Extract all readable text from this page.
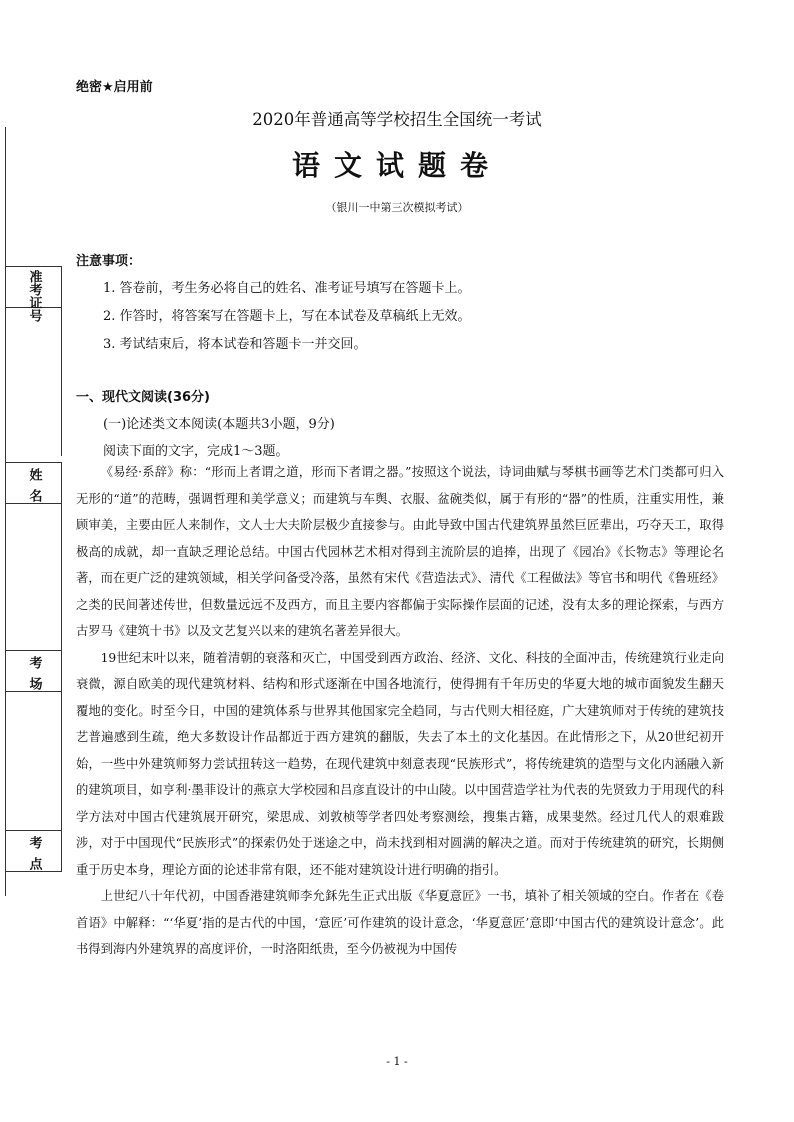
绝密★启用前
2020年普通高等学校招生全国统一考试
语文试题卷
（银川一中第三次模拟考试）
准考证号
姓名
考场
考点
注意事项：
1. 答卷前，考生务必将自己的姓名、准考证号填写在答题卡上。
2. 作答时，将答案写在答题卡上，写在本试卷及草稿纸上无效。
3. 考试结束后，将本试卷和答题卡一并交回。
一、现代文阅读(36分)
(一)论述类文本阅读(本题共3小题，9分)
阅读下面的文字，完成1～3题。

《易经·系辞》称：“形而上者谓之道，形而下者谓之器。”按照这个说法，诗词曲赋与琴棋书画等艺术门类都可归入无形的“道”的范畴，强调哲理和美学意义；而建筑与车舆、衣服、盆碗类似，属于有形的“器”的性质，注重实用性，兼顾审美，主要由匠人来制作，文人士大夫阶层极少直接参与。由此导致中国古代建筑界虽然巨匠辈出，巧夺天工，取得极高的成就，却一直缺乏理论总结。中国古代园林艺术相对得到主流阶层的追捧，出现了《园冶》《长物志》等理论名著，而在更广泛的建筑领域，相关学问备受冷落，虽然有宋代《营造法式》、清代《工程做法》等官书和明代《鲁班经》之类的民间著述传世，但数量远远不及西方，而且主要内容都偏于实际操作层面的记述，没有太多的理论探索，与西方古罗马《建筑十书》以及文艺复兴以来的建筑名著差异很大。

19世纪末叶以来，随着清朝的衰落和灭亡，中国受到西方政治、经济、文化、科技的全面冲击，传统建筑行业走向衰微，源自欧美的现代建筑材料、结构和形式逐渐在中国各地流行，使得拥有千年历史的华夏大地的城市面貌发生翻天覆地的变化。时至今日，中国的建筑体系与世界其他国家完全趋同，与古代则大相径庭，广大建筑师对于传统的建筑技艺普遍感到生疏，绝大多数设计作品都近于西方建筑的翻版，失去了本土的文化基因。在此情形之下，从20世纪初开始，一些中外建筑师努力尝试扭转这一趋势，在现代建筑中刻意表现“民族形式”，将传统建筑的造型与文化内涵融入新的建筑项目，如亨利·墨菲设计的燕京大学校园和吕彦直设计的中山陵。以中国营造学社为代表的先贤致力于用现代的科学方法对中国古代建筑展开研究，梁思成、刘敦桢等学者四处考察测绘，搜集古籍，成果斐然。经过几代人的艰难跋涉，对于中国现代“民族形式”的探索仍处于迷途之中，尚未找到相对圆满的解决之道。而对于传统建筑的研究，长期侧重于历史本身，理论方面的论述非常有限，还不能对建筑设计进行明确的指引。

上世纪八十年代初，中国香港建筑师李允鉌先生正式出版《华夏意匠》一书，填补了相关领域的空白。作者在《卷首语》中解释：“‘华夏’指的是古代的中国，‘意匠’可作建筑的设计意念，‘华夏意匠’意即‘中国古代的建筑设计意念’。此书得到海内外建筑界的高度评价，一时洛阳纸贵，至今仍被视为中国传

- 1 -
